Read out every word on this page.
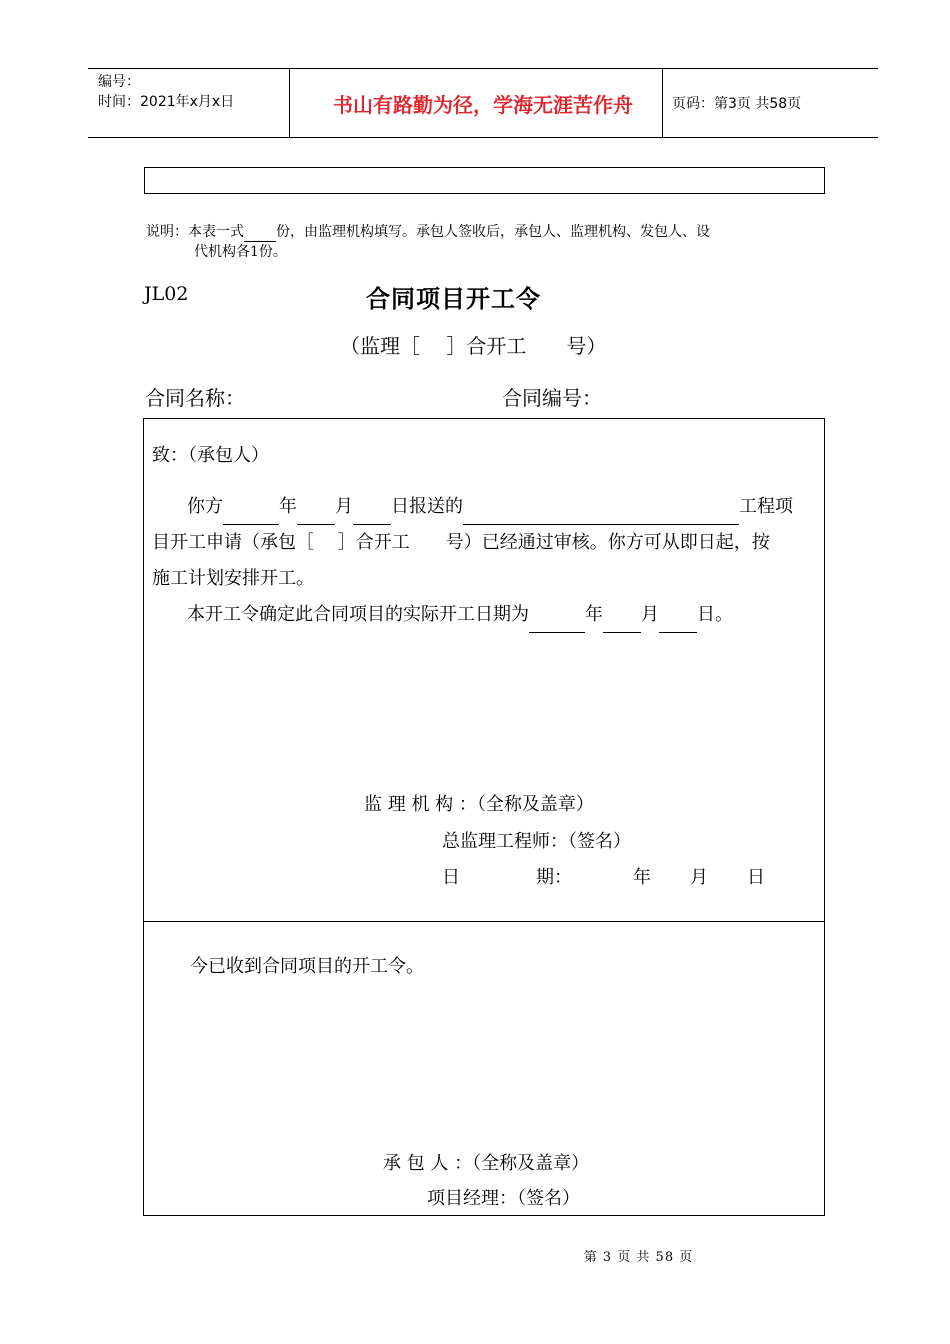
编号：
时间：2021年x月x日	书山有路勤为径，学海无涯苦作舟	页码：第3页 共58页
说明：本表一式 份，由监理机构填写。承包人签收后，承包人、监理机构、发包人、设
代机构各1份。
JL02	合同项目开工令
（监理［　 ］合开工　　号）
合同名称：	合同编号：
致：（承包人）
你方	年 月 日报送的	工程项
目开工申请（承包［　 ］合开工　　号）已经通过审核。你方可从即日起，按
施工计划安排开工。
本开工令确定此合同项目的实际开工日期为	年 月 日。
监 理 机 构 ：（全称及盖章）
总监理工程师：（签名）
日	期：	年 月 日
今已收到合同项目的开工令。
承 包 人 ：（全称及盖章）
项目经理：（签名）
第 3 页 共 58 页
